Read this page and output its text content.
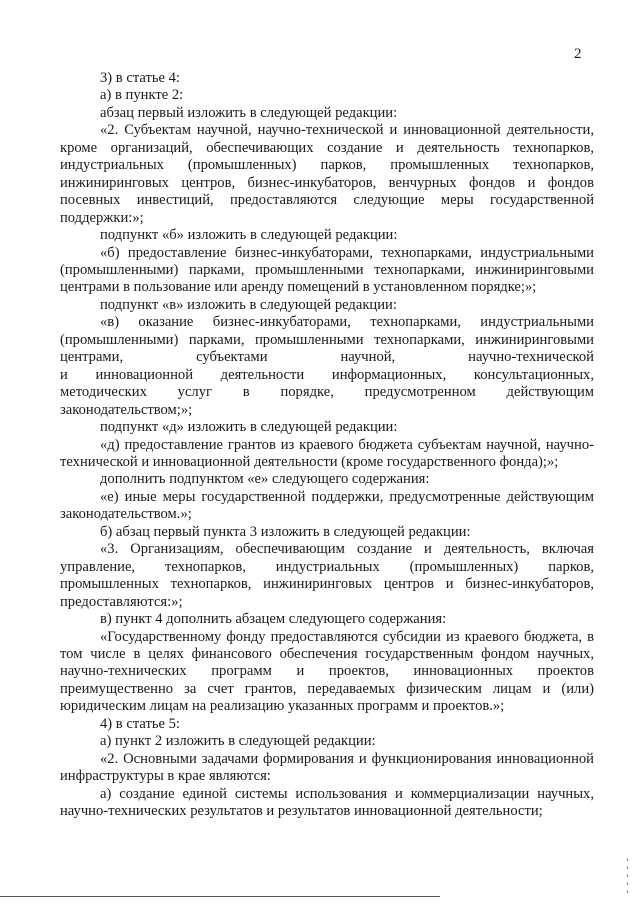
2

3) в статье 4:

а) в пункте 2:

абзац первый изложить в следующей редакции:

«2. Субъектам научной, научно-технической и инновационной деятельности,

кроме организаций, обеспечивающих создание и деятельность технопарков,

индустриальных (промышленных) парков, промышленных технопарков,

инжиниринговых центров, бизнес-инкубаторов, венчурных фондов и фондов

посевных инвестиций, предоставляются следующие меры государственной

поддержки:»;

подпункт «б» изложить в следующей редакции:

«б) предоставление бизнес-инкубаторами, технопарками, индустриальными

(промышленными) парками, промышленными технопарками, инжиниринговыми

центрами в пользование или аренду помещений в установленном порядке;»;

подпункт «в» изложить в следующей редакции:

«в) оказание бизнес-инкубаторами, технопарками, индустриальными

(промышленными) парками, промышленными технопарками, инжиниринговыми

центрами, субъектами научной, научно-технической

и инновационной деятельности информационных, консультационных,

методических услуг в порядке, предусмотренном действующим

законодательством;»;

подпункт «д» изложить в следующей редакции:

«д) предоставление грантов из краевого бюджета субъектам научной, научно-

технической и инновационной деятельности (кроме государственного фонда);»;

дополнить подпунктом «е» следующего содержания:

«е) иные меры государственной поддержки, предусмотренные действующим

законодательством.»;

б) абзац первый пункта 3 изложить в следующей редакции:

«3. Организациям, обеспечивающим создание и деятельность, включая

управление, технопарков, индустриальных (промышленных) парков,

промышленных технопарков, инжиниринговых центров и бизнес-инкубаторов,

предоставляются:»;

в) пункт 4 дополнить абзацем следующего содержания:

«Государственному фонду предоставляются субсидии из краевого бюджета, в

том числе в целях финансового обеспечения государственным фондом научных,

научно-технических программ и проектов, инновационных проектов

преимущественно за счет грантов, передаваемых физическим лицам и (или)

юридическим лицам на реализацию указанных программ и проектов.»;

4) в статье 5:

а) пункт 2 изложить в следующей редакции:

«2. Основными задачами формирования и функционирования инновационной

инфраструктуры в крае являются:

а) создание единой системы использования и коммерциализации научных,

научно-технических результатов и результатов инновационной деятельности;
